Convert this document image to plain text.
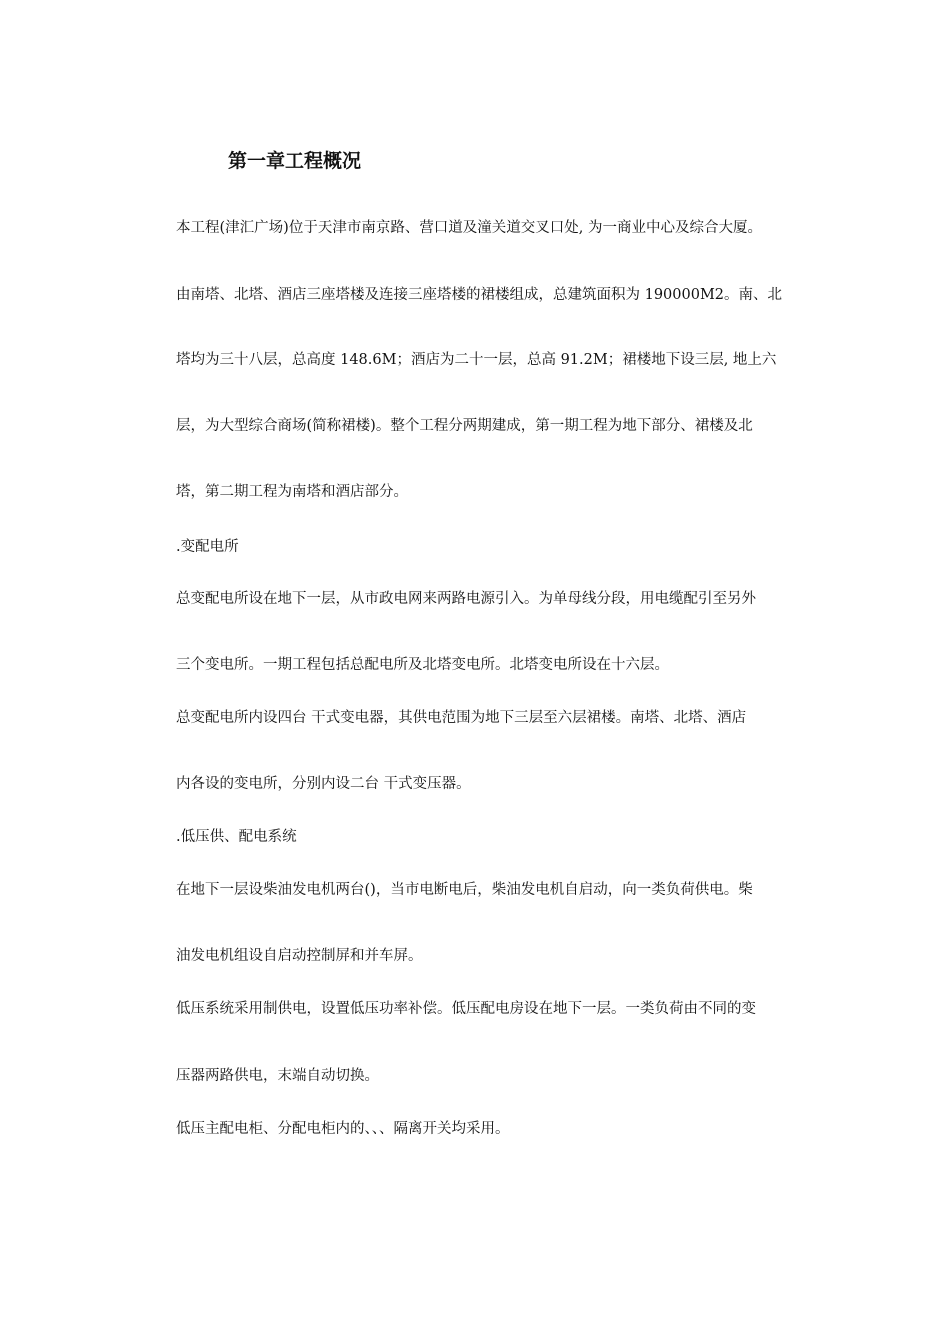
第一章工程概况
本工程(津汇广场)位于天津市南京路、营口道及潼关道交叉口处, 为一商业中心及综合大厦。
由南塔、北塔、酒店三座塔楼及连接三座塔楼的裙楼组成，总建筑面积为 190000M2。南、北
塔均为三十八层，总高度 148.6M；酒店为二十一层，总高 91.2M；裙楼地下设三层, 地上六
层，为大型综合商场(简称裙楼)。整个工程分两期建成，第一期工程为地下部分、裙楼及北
塔，第二期工程为南塔和酒店部分。
.变配电所
总变配电所设在地下一层，从市政电网来两路电源引入。为单母线分段，用电缆配引至另外
三个变电所。一期工程包括总配电所及北塔变电所。北塔变电所设在十六层。
总变配电所内设四台 干式变电器，其供电范围为地下三层至六层裙楼。南塔、北塔、酒店
内各设的变电所，分别内设二台 干式变压器。
.低压供、配电系统
在地下一层设柴油发电机两台()，当市电断电后，柴油发电机自启动，向一类负荷供电。柴
油发电机组设自启动控制屏和并车屏。
低压系统采用制供电，设置低压功率补偿。低压配电房设在地下一层。一类负荷由不同的变
压器两路供电，末端自动切换。
低压主配电柜、分配电柜内的、、、隔离开关均采用。
